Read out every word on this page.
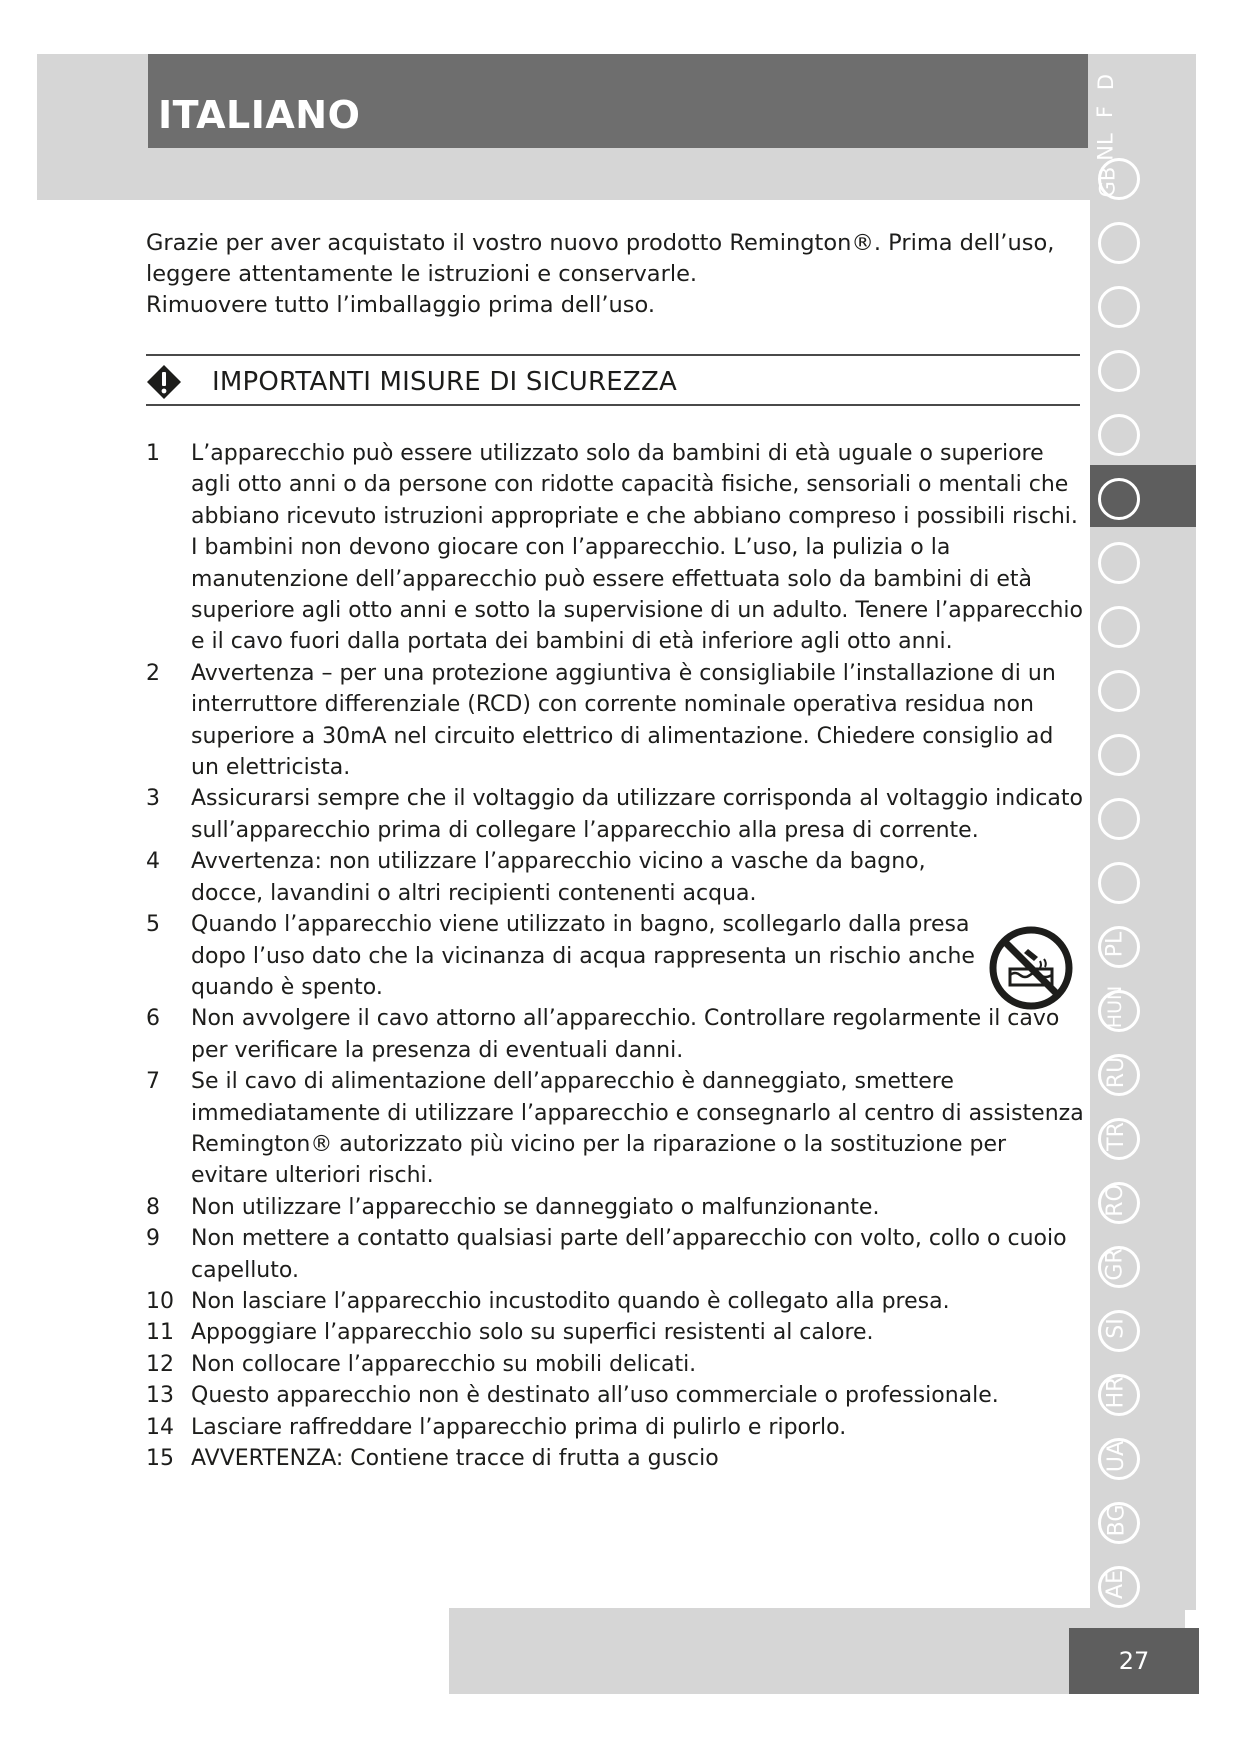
ITALIANO
D
F
NL
GB
PL
HUN
RU
TR
RO
GR
SI
HR
UA
BG
AE
27

Grazie per aver acquistato il vostro nuovo prodotto Remington®. Prima dell’uso, leggere attentamente le istruzioni e conservarle.

Rimuovere tutto l’imballaggio prima dell’uso.

IMPORTANTI MISURE DI SICUREZZA
1	L’apparecchio può essere utilizzato solo da bambini di età uguale o superiore agli otto anni o da persone con ridotte capacità fisiche, sensoriali o mentali che abbiano ricevuto istruzioni appropriate e che abbiano compreso i possibili rischi. I bambini non devono giocare con l’apparecchio. L’uso, la pulizia o la manutenzione dell’apparecchio può essere effettuata solo da bambini di età superiore agli otto anni e sotto la supervisione di un adulto. Tenere l’apparecchio e il cavo fuori dalla portata dei bambini di età inferiore agli otto anni.
2	Avvertenza – per una protezione aggiuntiva è consigliabile l’installazione di un interruttore differenziale (RCD) con corrente nominale operativa residua non superiore a 30mA nel circuito elettrico di alimentazione. Chiedere consiglio ad un elettricista.
3	Assicurarsi sempre che il voltaggio da utilizzare corrisponda al voltaggio indicato sull’apparecchio prima di collegare l’apparecchio alla presa di corrente.
4	Avvertenza: non utilizzare l’apparecchio vicino a vasche da bagno, docce, lavandini o altri recipienti contenenti acqua.
5	Quando l’apparecchio viene utilizzato in bagno, scollegarlo dalla presa dopo l’uso dato che la vicinanza di acqua rappresenta un rischio anche quando è spento.
6	Non avvolgere il cavo attorno all’apparecchio. Controllare regolarmente il cavo per verificare la presenza di eventuali danni.
7	Se il cavo di alimentazione dell’apparecchio è danneggiato, smettere immediatamente di utilizzare l’apparecchio e consegnarlo al centro di assistenza Remington® autorizzato più vicino per la riparazione o la sostituzione per evitare ulteriori rischi.
8	Non utilizzare l’apparecchio se danneggiato o malfunzionante.
9	Non mettere a contatto qualsiasi parte dell’apparecchio con volto, collo o cuoio capelluto.
10 Non lasciare l’apparecchio incustodito quando è collegato alla presa.
11 Appoggiare l’apparecchio solo su superfici resistenti al calore.
12 Non collocare l’apparecchio su mobili delicati.
13 Questo apparecchio non è destinato all’uso commerciale o professionale.
14 Lasciare raffreddare l’apparecchio prima di pulirlo e riporlo.
15 AVVERTENZA: Contiene tracce di frutta a guscio
